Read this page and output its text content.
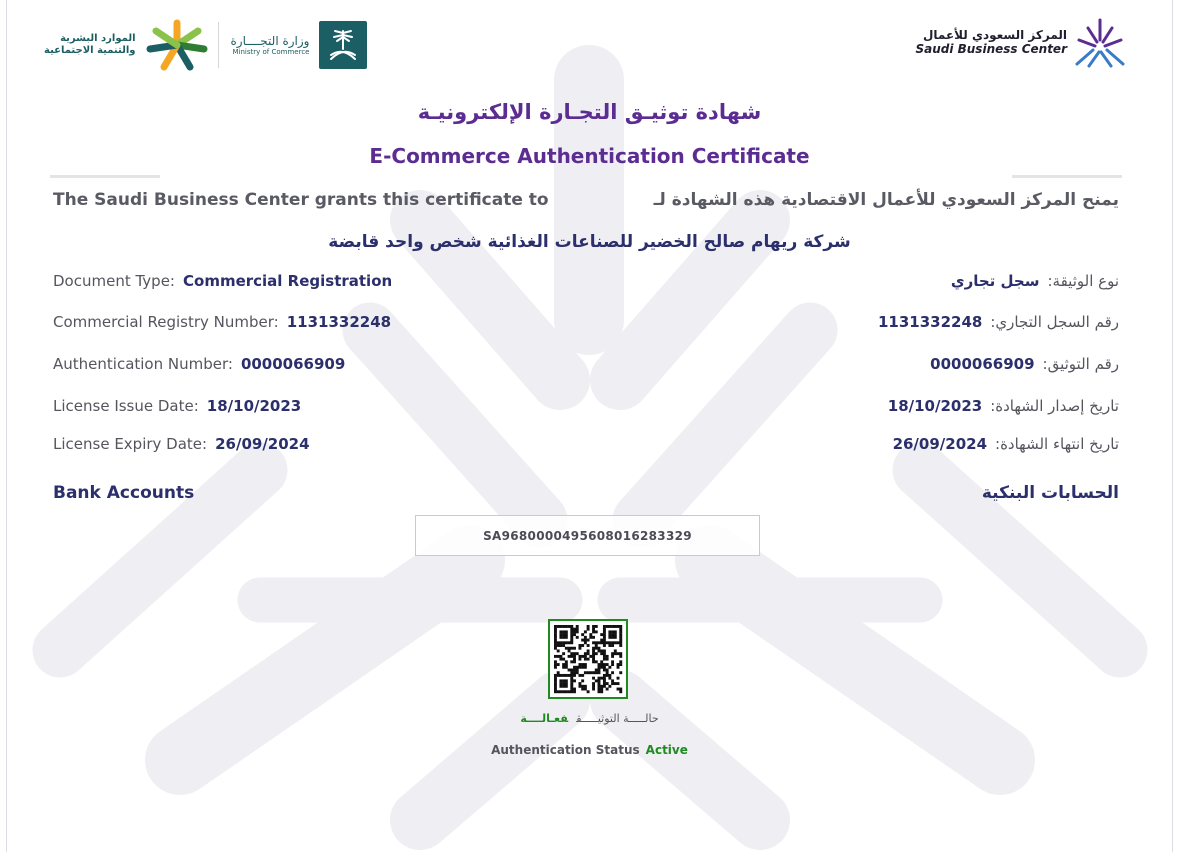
المركز السعودي للأعمال
Saudi Business Center
الموارد البشرية
والتنمية الاجتماعية
وزارة التجــــارة
Ministry of Commerce
شهادة توثيـق التجـارة الإلكترونيـة
E-Commerce Authentication Certificate
The Saudi Business Center grants this certificate to	يمنح المركز السعودي للأعمال الاقتصادية هذه الشهادة لـ
شركة ريهام صالح الخضير للصناعات الغذائية شخص واحد قابضة
Document Type: Commercial Registration
Commercial Registry Number: 1131332248
Authentication Number: 0000066909
License Issue Date: 18/10/2023
License Expiry Date: 26/09/2024
نوع الوثيقة:سجل تجاري
رقم السجل التجاري:1131332248
رقم التوثيق:0000066909
تاريخ إصدار الشهادة:18/10/2023
تاريخ انتهاء الشهادة:26/09/2024
Bank Accounts	الحسابات البنكية
SA9680000495608016283329
حالـــــة التوثيـــــقفعـالــــة
Authentication Status Active
